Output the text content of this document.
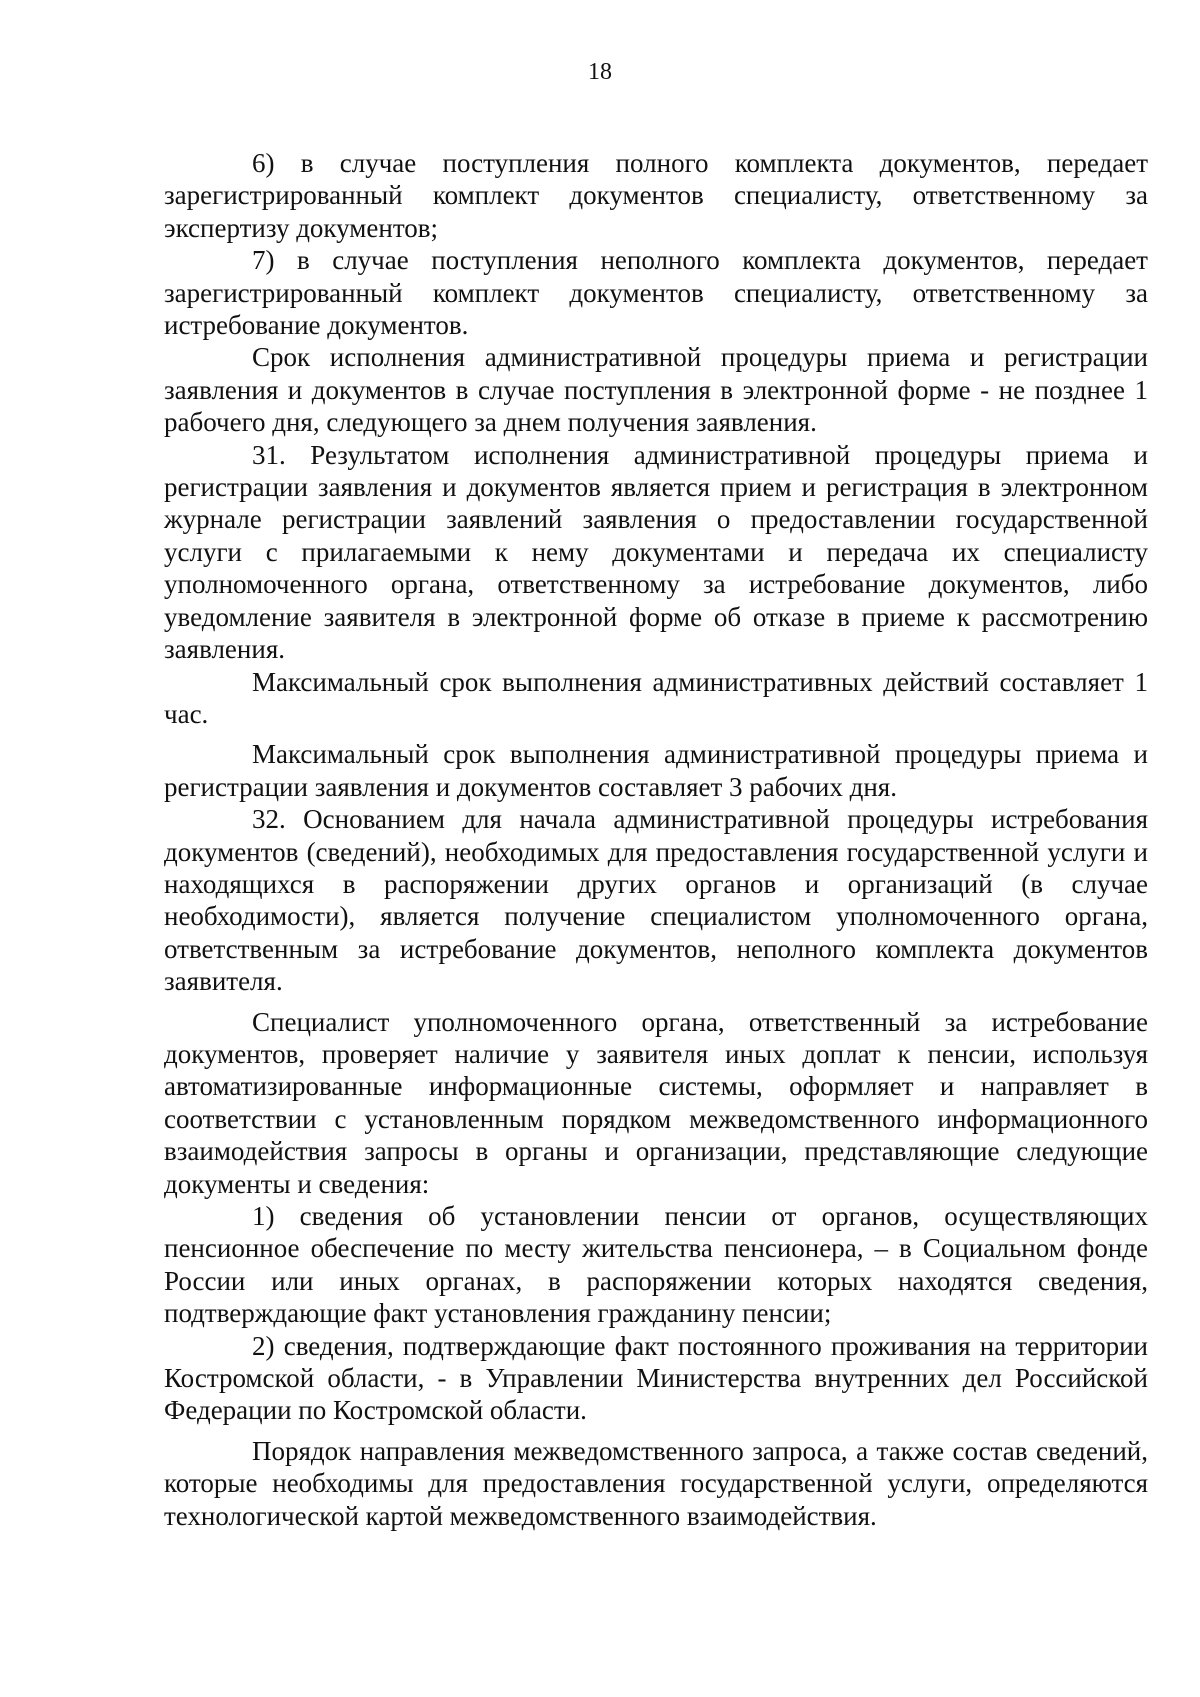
18

6) в случае поступления полного комплекта документов, передает зарегистрированный комплект документов специалисту, ответственному за экспертизу документов;

7) в случае поступления неполного комплекта документов, передает зарегистрированный комплект документов специалисту, ответственному за истребование документов.

Срок исполнения административной процедуры приема и регистрации заявления и документов в случае поступления в электронной форме - не позднее 1 рабочего дня, следующего за днем получения заявления.

31. Результатом исполнения административной процедуры приема и регистрации заявления и документов является прием и регистрация в электронном журнале регистрации заявлений заявления о предоставлении государственной услуги с прилагаемыми к нему документами и передача их специалисту уполномоченного органа, ответственному за истребование документов, либо уведомление заявителя в электронной форме об отказе в приеме к рассмотрению заявления.

Максимальный срок выполнения административных действий составляет 1 час.

Максимальный срок выполнения административной процедуры приема и регистрации заявления и документов составляет 3 рабочих дня.

32. Основанием для начала административной процедуры истребования документов (сведений), необходимых для предоставления государственной услуги и находящихся в распоряжении других органов и организаций (в случае необходимости), является получение специалистом уполномоченного органа, ответственным за истребование документов, неполного комплекта документов заявителя.

Специалист уполномоченного органа, ответственный за истребование документов, проверяет наличие у заявителя иных доплат к пенсии, используя автоматизированные информационные системы, оформляет и направляет в соответствии с установленным порядком межведомственного информационного взаимодействия запросы в органы и организации, представляющие следующие документы и сведения:

1) сведения об установлении пенсии от органов, осуществляющих пенсионное обеспечение по месту жительства пенсионера, – в Социальном фонде России или иных органах, в распоряжении которых находятся сведения, подтверждающие факт установления гражданину пенсии;

2) сведения, подтверждающие факт постоянного проживания на территории Костромской области, - в Управлении Министерства внутренних дел Российской Федерации по Костромской области.

Порядок направления межведомственного запроса, а также состав сведений, которые необходимы для предоставления государственной услуги, определяются технологической картой межведомственного взаимодействия.
